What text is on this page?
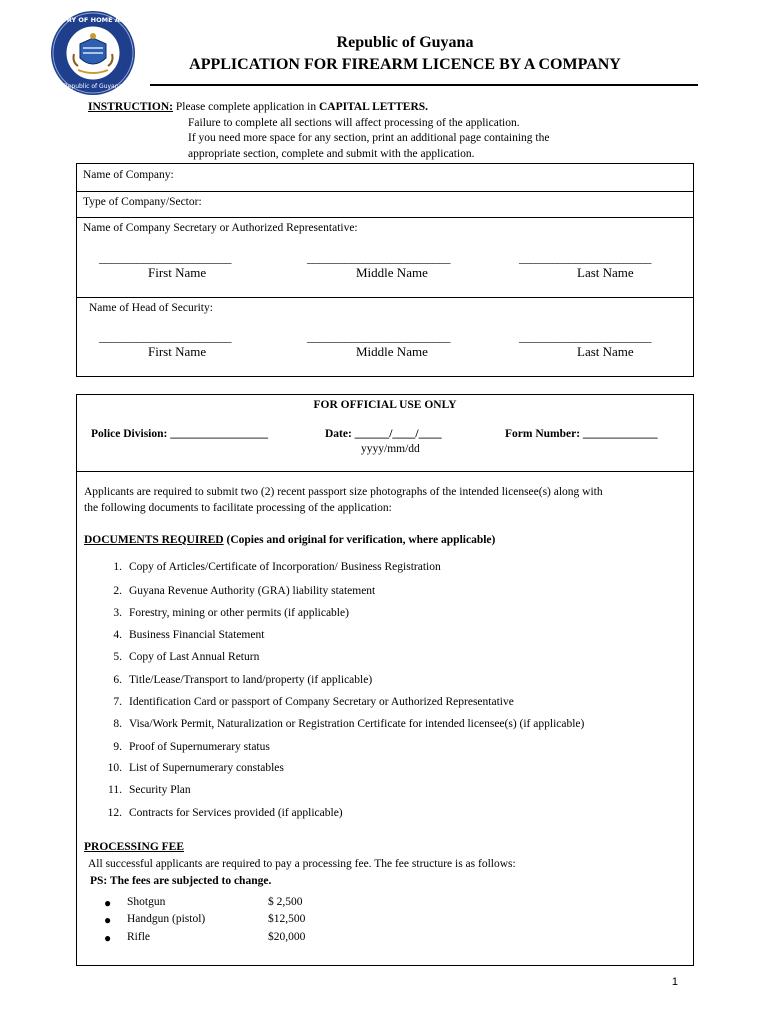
MINISTRY OF HOME AFFAIRS
Republic of Guyana
Republic of Guyana
APPLICATION FOR FIREARM LICENCE BY A COMPANY
INSTRUCTION: Please complete application in CAPITAL LETTERS.
Failure to complete all sections will affect processing of the application.
If you need more space for any section, print an additional page containing the
appropriate section, complete and submit with the application.
Name of Company:
Type of Company/Sector:
Name of Company Secretary or Authorized Representative:
________________________	__________________________	________________________
First Name	Middle Name	Last Name
Name of Head of Security:
________________________	__________________________	________________________
First Name	Middle Name	Last Name
FOR OFFICIAL USE ONLY
Police Division: _________________	Date: ______/____/____
yyyy/mm/dd
Form Number: _____________
Applicants are required to submit two (2) recent passport size photographs of the intended licensee(s) along with
the following documents to facilitate processing of the application:
DOCUMENTS REQUIRED (Copies and original for verification, where applicable)
1. Copy of Articles/Certificate of Incorporation/ Business Registration
2. Guyana Revenue Authority (GRA) liability statement
3. Forestry, mining or other permits (if applicable)
4. Business Financial Statement
5. Copy of Last Annual Return
6. Title/Lease/Transport to land/property (if applicable)
7. Identification Card or passport of Company Secretary or Authorized Representative
8. Visa/Work Permit, Naturalization or Registration Certificate for intended licensee(s) (if applicable)
9. Proof of Supernumerary status
10. List of Supernumerary constables
11. Security Plan
12. Contracts for Services provided (if applicable)
PROCESSING FEE
All successful applicants are required to pay a processing fee. The fee structure is as follows:
PS: The fees are subjected to change.
● Shotgun	$ 2,500
● Handgun (pistol)	$12,500
● Rifle	$20,000
1
